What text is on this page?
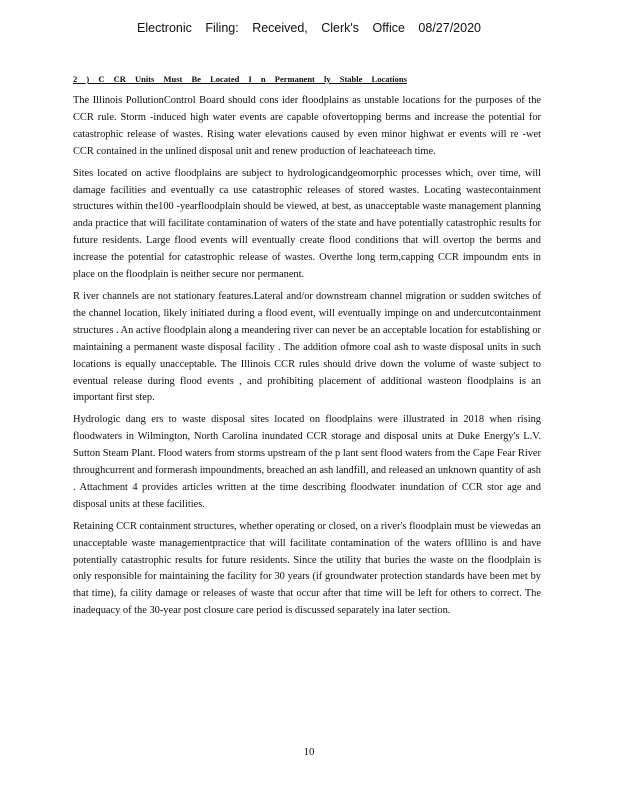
Electronic Filing: Received, Clerk's Office 08/27/2020
2 ) C CR Units Must Be Located I n Permanent ly Stable Locations

The Illinois PollutionControl Board should cons ider floodplains as unstable locations for the purposes of the CCR rule. Storm -induced high water events are capable ofovertopping berms and increase the potential for catastrophic release of wastes. Rising water elevations caused by even minor highwat er events will re -wet CCR contained in the unlined disposal unit and renew production of leachateeach time.

Sites located on active floodplains are subject to hydrologicandgeomorphic processes which, over time, will damage facilities and eventually ca use catastrophic releases of stored wastes. Locating wastecontainment structures within the100 -yearfloodplain should be viewed, at best, as unacceptable waste management planning anda practice that will facilitate contamination of waters of the state and have potentially catastrophic results for future residents. Large flood events will eventually create flood conditions that will overtop the berms and increase the potential for catastrophic release of wastes. Overthe long term,capping CCR impoundm ents in place on the floodplain is neither secure nor permanent.

R iver channels are not stationary features.Lateral and/or downstream channel migration or sudden switches of the channel location, likely initiated during a flood event, will eventually impinge on and undercutcontainment structures . An active floodplain along a meandering river can never be an acceptable location for establishing or maintaining a permanent waste disposal facility . The addition ofmore coal ash to waste disposal units in such locations is equally unacceptable. The Illinois CCR rules should drive down the volume of waste subject to eventual release during flood events , and prohibiting placement of additional wasteon floodplains is an important first step.

Hydrologic dang ers to waste disposal sites located on floodplains were illustrated in 2018 when rising floodwaters in Wilmington, North Carolina inundated CCR storage and disposal units at Duke Energy's L.V. Sutton Steam Plant. Flood waters from storms upstream of the p lant sent flood waters from the Cape Fear River throughcurrent and formerash impoundments, breached an ash landfill, and released an unknown quantity of ash . Attachment 4 provides articles written at the time describing floodwater inundation of CCR stor age and disposal units at these facilities.

Retaining CCR containment structures, whether operating or closed, on a river's floodplain must be viewedas an unacceptable waste managementpractice that will facilitate contamination of the waters ofIllino is and have potentially catastrophic results for future residents. Since the utility that buries the waste on the floodplain is only responsible for maintaining the facility for 30 years (if groundwater protection standards have been met by that time), fa cility damage or releases of waste that occur after that time will be left for others to correct. The inadequacy of the 30-year post closure care period is discussed separately ina later section.

10
